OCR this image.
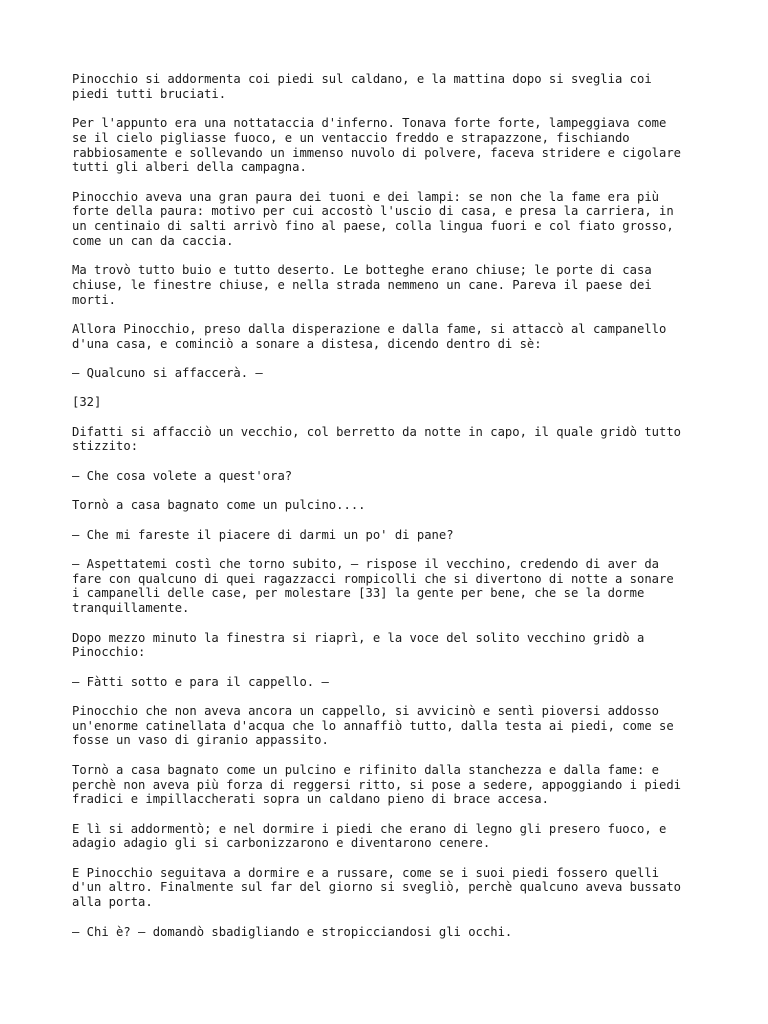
Pinocchio si addormenta coi piedi sul caldano, e la mattina dopo si sveglia coi
piedi tutti bruciati.

Per l'appunto era una nottataccia d'inferno. Tonava forte forte, lampeggiava come
se il cielo pigliasse fuoco, e un ventaccio freddo e strapazzone, fischiando
rabbiosamente e sollevando un immenso nuvolo di polvere, faceva stridere e cigolare
tutti gli alberi della campagna.

Pinocchio aveva una gran paura dei tuoni e dei lampi: se non che la fame era più
forte della paura: motivo per cui accostò l'uscio di casa, e presa la carriera, in
un centinaio di salti arrivò fino al paese, colla lingua fuori e col fiato grosso,
come un can da caccia.

Ma trovò tutto buio e tutto deserto. Le botteghe erano chiuse; le porte di casa
chiuse, le finestre chiuse, e nella strada nemmeno un cane. Pareva il paese dei
morti.

Allora Pinocchio, preso dalla disperazione e dalla fame, si attaccò al campanello
d'una casa, e cominciò a sonare a distesa, dicendo dentro di sè:

— Qualcuno si affaccerà. —

[32]

Difatti si affacciò un vecchio, col berretto da notte in capo, il quale gridò tutto
stizzito:

— Che cosa volete a quest'ora?

Tornò a casa bagnato come un pulcino....

— Che mi fareste il piacere di darmi un po' di pane?

— Aspettatemi costì che torno subito, — rispose il vecchino, credendo di aver da
fare con qualcuno di quei ragazzacci rompicolli che si divertono di notte a sonare
i campanelli delle case, per molestare [33] la gente per bene, che se la dorme
tranquillamente.

Dopo mezzo minuto la finestra si riaprì, e la voce del solito vecchino gridò a
Pinocchio:

— Fàtti sotto e para il cappello. —

Pinocchio che non aveva ancora un cappello, si avvicinò e sentì pioversi addosso
un'enorme catinellata d'acqua che lo annaffiò tutto, dalla testa ai piedi, come se
fosse un vaso di giranio appassito.

Tornò a casa bagnato come un pulcino e rifinito dalla stanchezza e dalla fame: e
perchè non aveva più forza di reggersi ritto, si pose a sedere, appoggiando i piedi
fradici e impillaccherati sopra un caldano pieno di brace accesa.

E lì si addormentò; e nel dormire i piedi che erano di legno gli presero fuoco, e
adagio adagio gli si carbonizzarono e diventarono cenere.

E Pinocchio seguitava a dormire e a russare, come se i suoi piedi fossero quelli
d'un altro. Finalmente sul far del giorno si svegliò, perchè qualcuno aveva bussato
alla porta.

— Chi è? — domandò sbadigliando e stropicciandosi gli occhi.
